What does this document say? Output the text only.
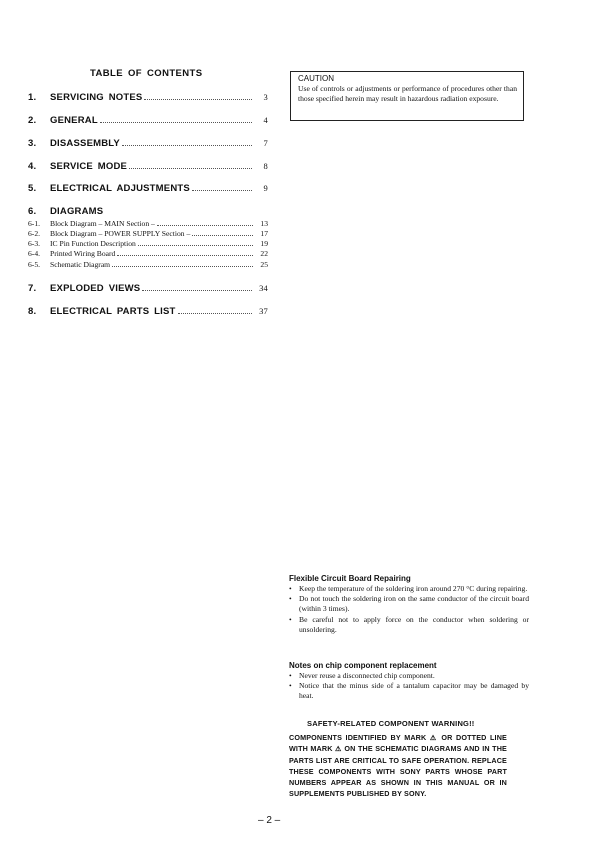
TABLE OF CONTENTS
1.	SERVICING NOTES	3
2.	GENERAL	4
3.	DISASSEMBLY	7
4.	SERVICE MODE	8
5.	ELECTRICAL ADJUSTMENTS	9
6.	DIAGRAMS
6-1.	Block Diagram – MAIN Section –	13
6-2.	Block Diagram – POWER SUPPLY Section –	17
6-3.	IC Pin Function Description	19
6-4.	Printed Wiring Board	22
6-5.	Schematic Diagram	25
7.	EXPLODED VIEWS	34
8.	ELECTRICAL PARTS LIST	37
CAUTION
Use of controls or adjustments or performance of procedures other than those specified herein may result in hazardous radiation exposure.
Flexible Circuit Board Repairing
• Keep the temperature of the soldering iron around 270 °C during repairing.
• Do not touch the soldering iron on the same conductor of the circuit board (within 3 times).
• Be careful not to apply force on the conductor when soldering or unsoldering.
Notes on chip component replacement
• Never reuse a disconnected chip component.
• Notice that the minus side of a tantalum capacitor may be damaged by heat.
SAFETY-RELATED COMPONENT WARNING!!
COMPONENTS IDENTIFIED BY MARK ⚠ OR DOTTED LINE WITH MARK ⚠ ON THE SCHEMATIC DIAGRAMS AND IN THE PARTS LIST ARE CRITICAL TO SAFE OPERATION. REPLACE THESE COMPONENTS WITH SONY PARTS WHOSE PART NUMBERS APPEAR AS SHOWN IN THIS MANUAL OR IN SUPPLEMENTS PUBLISHED BY SONY.
– 2 –
